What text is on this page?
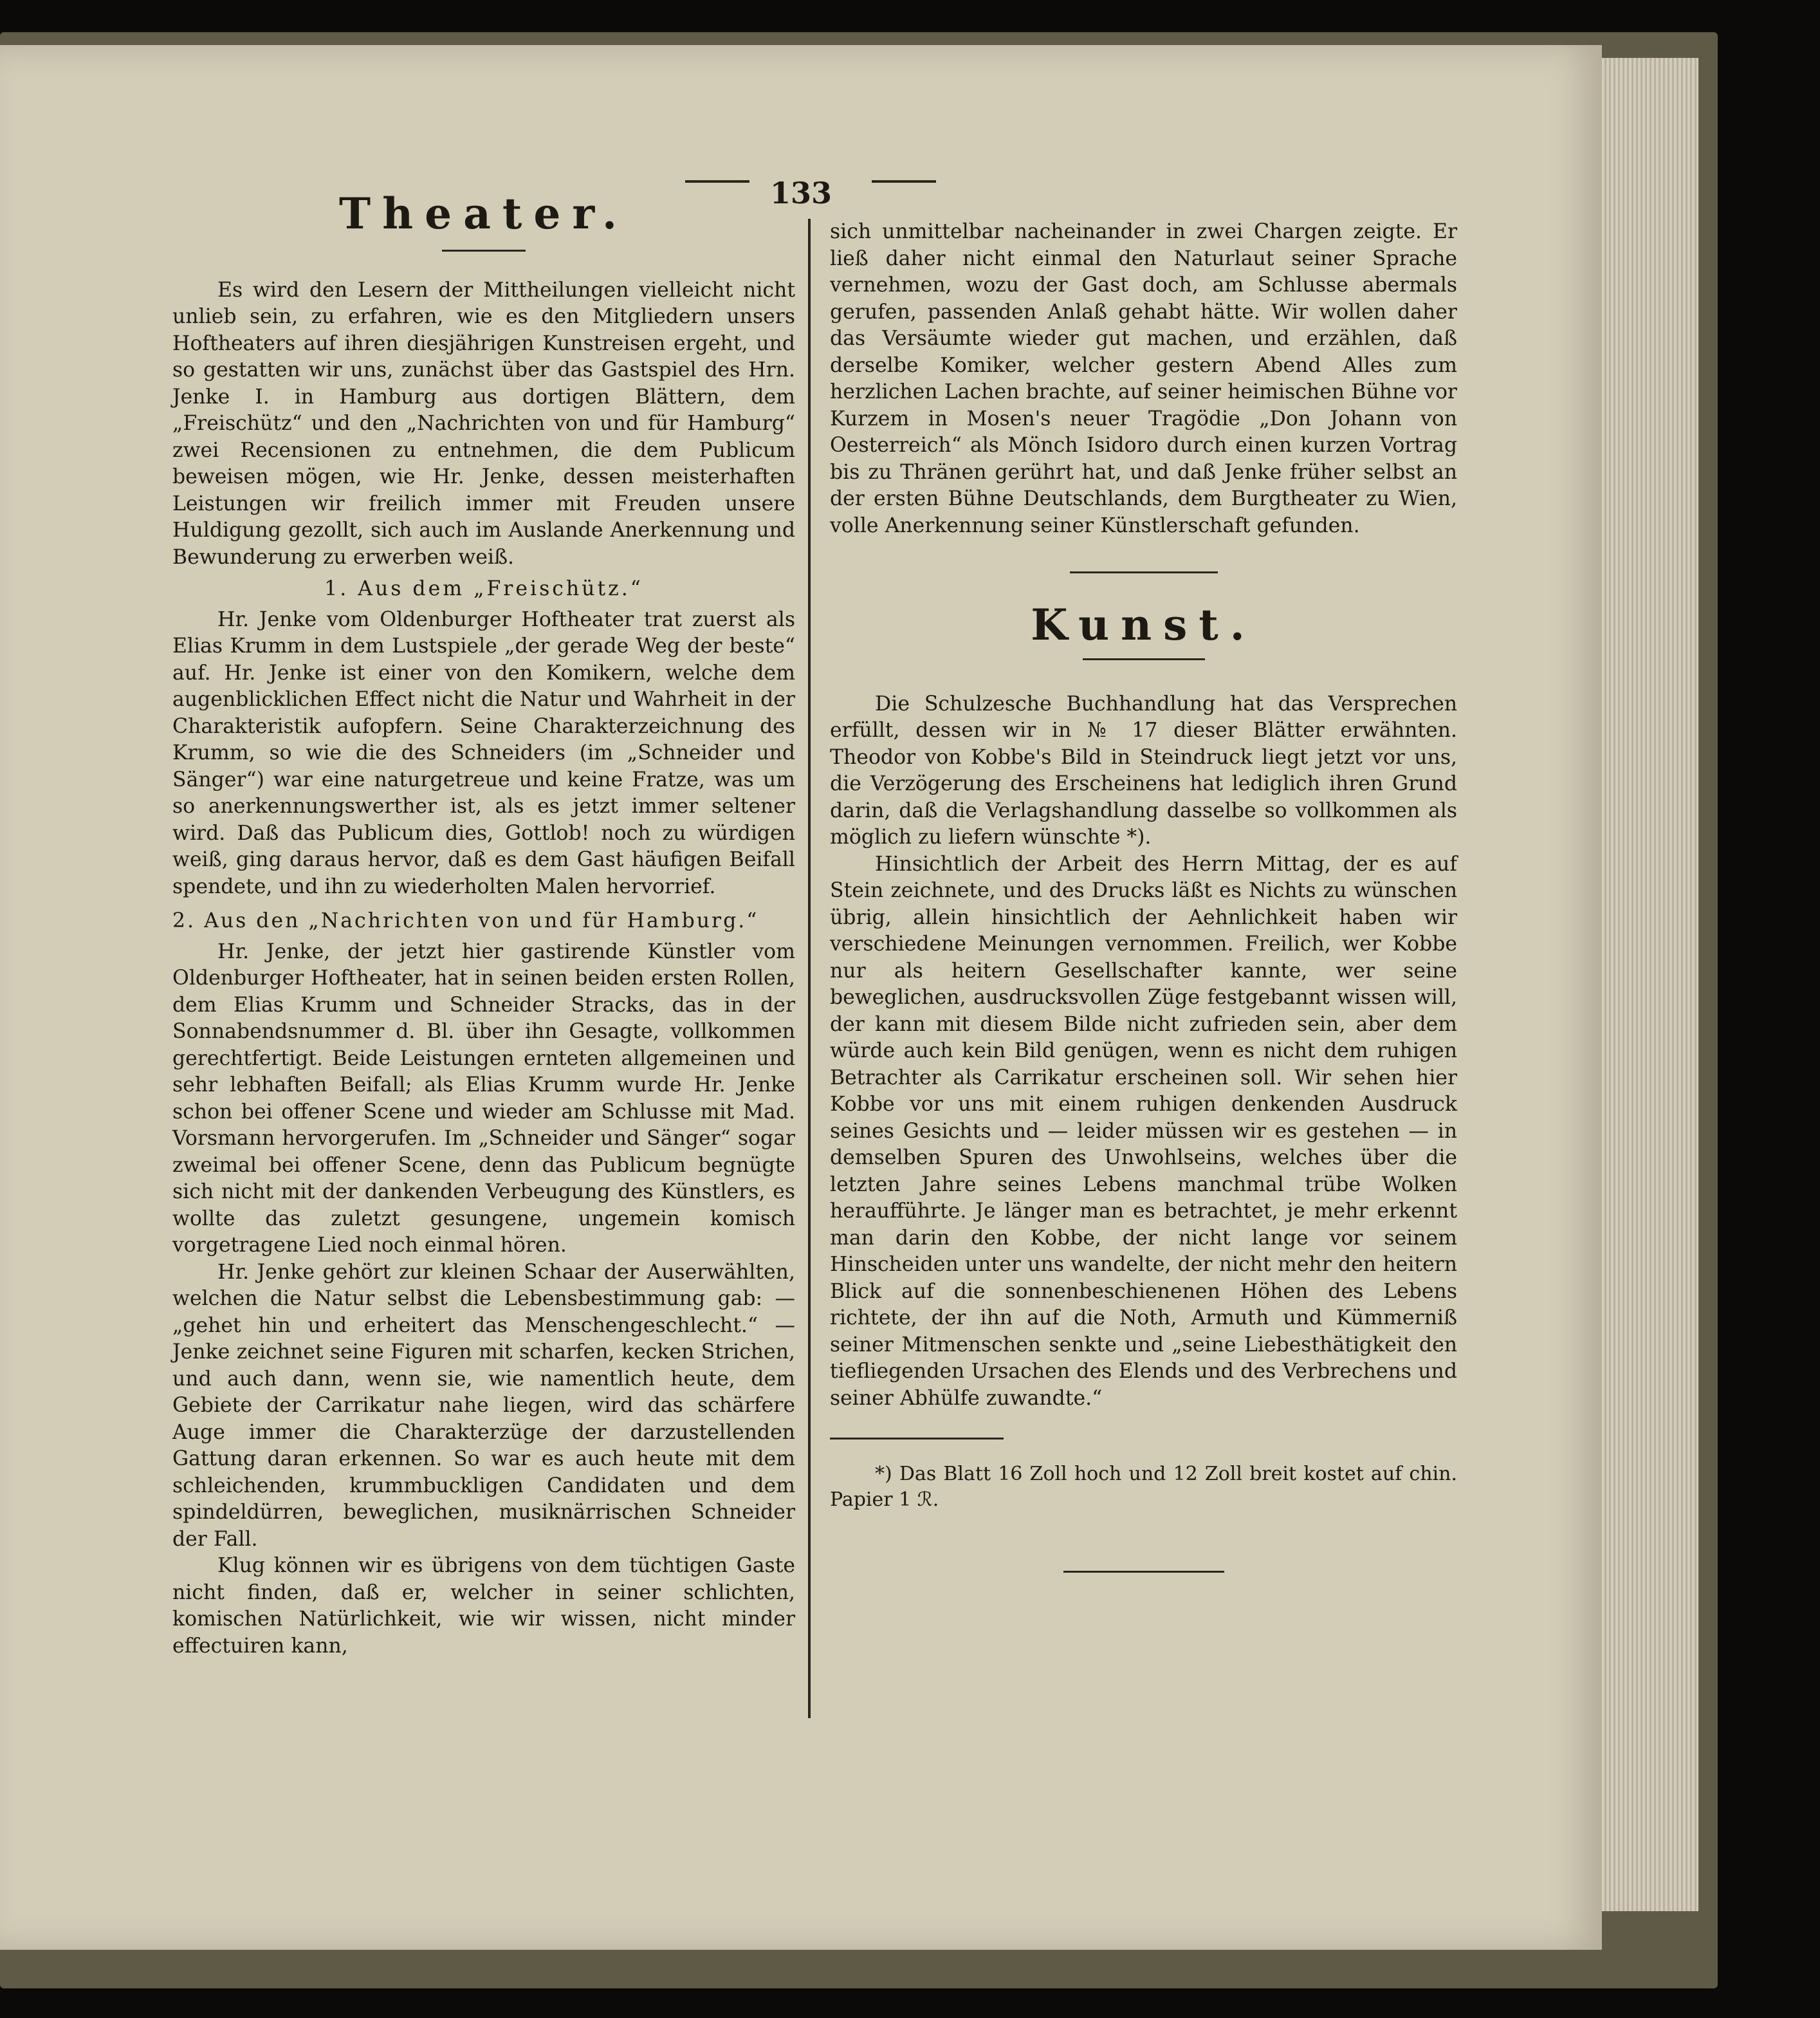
133

Theater.

Es wird den Lesern der Mittheilungen vielleicht nicht unlieb sein, zu erfahren, wie es den Mitgliedern unsers Hoftheaters auf ihren diesjährigen Kunstreisen ergeht, und so gestatten wir uns, zunächst über das Gastspiel des Hrn. Jenke I. in Hamburg aus dortigen Blättern, dem „Freischütz“ und den „Nachrichten von und für Hamburg“ zwei Recensionen zu entnehmen, die dem Publicum beweisen mögen, wie Hr. Jenke, dessen meisterhaften Leistungen wir freilich immer mit Freuden unsere Huldigung gezollt, sich auch im Auslande Anerkennung und Bewunderung zu erwerben weiß.

1. Aus dem „Freischütz.“

Hr. Jenke vom Oldenburger Hoftheater trat zuerst als Elias Krumm in dem Lustspiele „der gerade Weg der beste“ auf. Hr. Jenke ist einer von den Komikern, welche dem augenblicklichen Effect nicht die Natur und Wahrheit in der Charakteristik aufopfern. Seine Charakterzeichnung des Krumm, so wie die des Schneiders (im „Schneider und Sänger“) war eine naturgetreue und keine Fratze, was um so anerkennungswerther ist, als es jetzt immer seltener wird. Daß das Publicum dies, Gottlob! noch zu würdigen weiß, ging daraus hervor, daß es dem Gast häufigen Beifall spendete, und ihn zu wiederholten Malen hervorrief.

2. Aus den „Nachrichten von und für Hamburg.“

Hr. Jenke, der jetzt hier gastirende Künstler vom Oldenburger Hoftheater, hat in seinen beiden ersten Rollen, dem Elias Krumm und Schneider Stracks, das in der Sonnabendsnummer d. Bl. über ihn Gesagte, vollkommen gerechtfertigt. Beide Leistungen ernteten allgemeinen und sehr lebhaften Beifall; als Elias Krumm wurde Hr. Jenke schon bei offener Scene und wieder am Schlusse mit Mad. Vorsmann hervorgerufen. Im „Schneider und Sänger“ sogar zweimal bei offener Scene, denn das Publicum begnügte sich nicht mit der dankenden Verbeugung des Künstlers, es wollte das zuletzt gesungene, ungemein komisch vorgetragene Lied noch einmal hören.

Hr. Jenke gehört zur kleinen Schaar der Auserwählten, welchen die Natur selbst die Lebensbestimmung gab: — „gehet hin und erheitert das Menschengeschlecht.“ — Jenke zeichnet seine Figuren mit scharfen, kecken Strichen, und auch dann, wenn sie, wie namentlich heute, dem Gebiete der Carrikatur nahe liegen, wird das schärfere Auge immer die Charakterzüge der darzustellenden Gattung daran erkennen. So war es auch heute mit dem schleichenden, krummbuckligen Candidaten und dem spindeldürren, beweglichen, musiknärrischen Schneider der Fall.

Klug können wir es übrigens von dem tüchtigen Gaste nicht finden, daß er, welcher in seiner schlichten, komischen Natürlichkeit, wie wir wissen, nicht minder effectuiren kann,

sich unmittelbar nacheinander in zwei Chargen zeigte. Er ließ daher nicht einmal den Naturlaut seiner Sprache vernehmen, wozu der Gast doch, am Schlusse abermals gerufen, passenden Anlaß gehabt hätte. Wir wollen daher das Versäumte wieder gut machen, und erzählen, daß derselbe Komiker, welcher gestern Abend Alles zum herzlichen Lachen brachte, auf seiner heimischen Bühne vor Kurzem in Mosen's neuer Tragödie „Don Johann von Oesterreich“ als Mönch Isidoro durch einen kurzen Vortrag bis zu Thränen gerührt hat, und daß Jenke früher selbst an der ersten Bühne Deutschlands, dem Burgtheater zu Wien, volle Anerkennung seiner Künstlerschaft gefunden.

Kunst.

Die Schulzesche Buchhandlung hat das Versprechen erfüllt, dessen wir in № 17 dieser Blätter erwähnten. Theodor von Kobbe's Bild in Steindruck liegt jetzt vor uns, die Verzögerung des Erscheinens hat lediglich ihren Grund darin, daß die Verlagshandlung dasselbe so vollkommen als möglich zu liefern wünschte *).

Hinsichtlich der Arbeit des Herrn Mittag, der es auf Stein zeichnete, und des Drucks läßt es Nichts zu wünschen übrig, allein hinsichtlich der Aehnlichkeit haben wir verschiedene Meinungen vernommen. Freilich, wer Kobbe nur als heitern Gesellschafter kannte, wer seine beweglichen, ausdrucksvollen Züge festgebannt wissen will, der kann mit diesem Bilde nicht zufrieden sein, aber dem würde auch kein Bild genügen, wenn es nicht dem ruhigen Betrachter als Carrikatur erscheinen soll. Wir sehen hier Kobbe vor uns mit einem ruhigen denkenden Ausdruck seines Gesichts und — leider müssen wir es gestehen — in demselben Spuren des Unwohlseins, welches über die letzten Jahre seines Lebens manchmal trübe Wolken heraufführte. Je länger man es betrachtet, je mehr erkennt man darin den Kobbe, der nicht lange vor seinem Hinscheiden unter uns wandelte, der nicht mehr den heitern Blick auf die sonnenbeschienenen Höhen des Lebens richtete, der ihn auf die Noth, Armuth und Kümmerniß seiner Mitmenschen senkte und „seine Liebesthätigkeit den tiefliegenden Ursachen des Elends und des Verbrechens und seiner Abhülfe zuwandte.“

*) Das Blatt 16 Zoll hoch und 12 Zoll breit kostet auf chin. Papier 1 ℛ.
